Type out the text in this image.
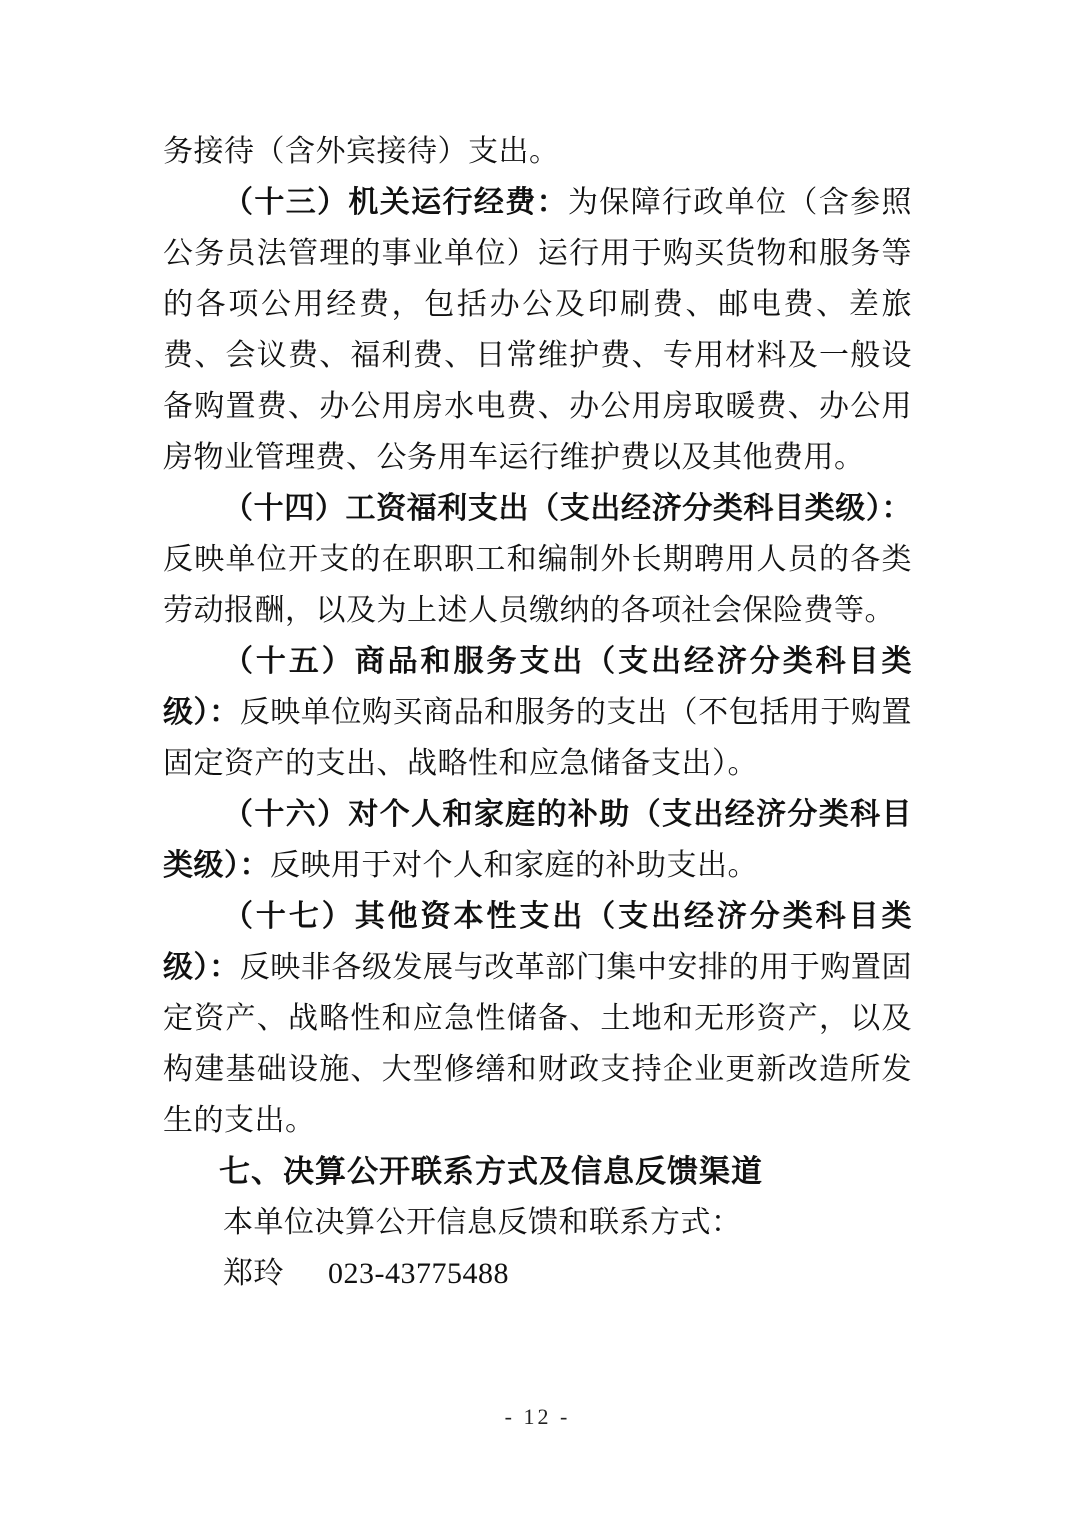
务接待（含外宾接待）支出。

（十三）机关运行经费：为保障行政单位（含参照公务员法管理的事业单位）运行用于购买货物和服务等的各项公用经费，包括办公及印刷费、邮电费、差旅费、会议费、福利费、日常维护费、专用材料及一般设备购置费、办公用房水电费、办公用房取暖费、办公用房物业管理费、公务用车运行维护费以及其他费用。

（十四）工资福利支出（支出经济分类科目类级）：反映单位开支的在职职工和编制外长期聘用人员的各类劳动报酬，以及为上述人员缴纳的各项社会保险费等。

（十五）商品和服务支出（支出经济分类科目类级）：反映单位购买商品和服务的支出（不包括用于购置固定资产的支出、战略性和应急储备支出）。

（十六）对个人和家庭的补助（支出经济分类科目类级）：反映用于对个人和家庭的补助支出。

（十七）其他资本性支出（支出经济分类科目类级）：反映非各级发展与改革部门集中安排的用于购置固定资产、战略性和应急性储备、土地和无形资产，以及构建基础设施、大型修缮和财政支持企业更新改造所发生的支出。

七、决算公开联系方式及信息反馈渠道

本单位决算公开信息反馈和联系方式：

郑玲 023-43775488

- 12 -
